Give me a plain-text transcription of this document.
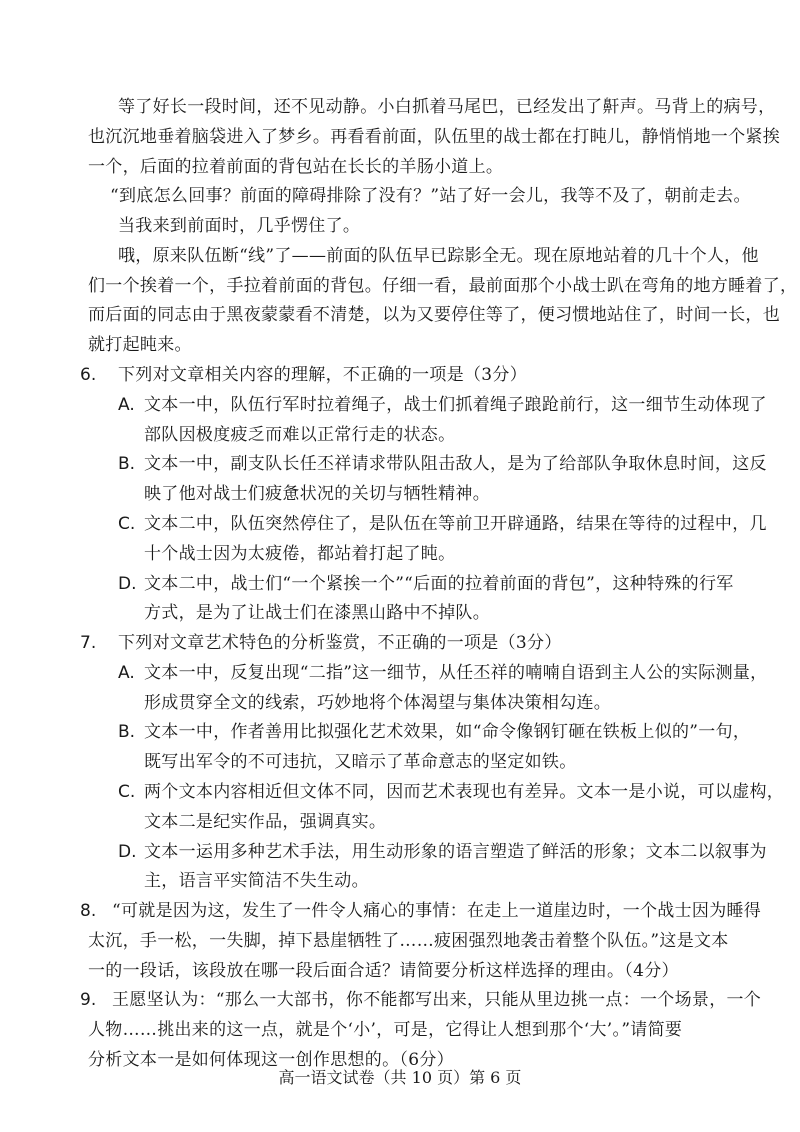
等了好长一段时间，还不见动静。小白抓着马尾巴，已经发出了鼾声。马背上的病号，
也沉沉地垂着脑袋进入了梦乡。再看看前面，队伍里的战士都在打盹儿，静悄悄地一个紧挨
一个，后面的拉着前面的背包站在长长的羊肠小道上。
“到底怎么回事？前面的障碍排除了没有？”站了好一会儿，我等不及了，朝前走去。
当我来到前面时，几乎愣住了。
哦，原来队伍断“线”了——前面的队伍早已踪影全无。现在原地站着的几十个人，他
们一个挨着一个，手拉着前面的背包。仔细一看，最前面那个小战士趴在弯角的地方睡着了，
而后面的同志由于黑夜蒙蒙看不清楚，以为又要停住等了，便习惯地站住了，时间一长，也
就打起盹来。
6. 下列对文章相关内容的理解，不正确的一项是（3分）
A. 文本一中，队伍行军时拉着绳子，战士们抓着绳子踉跄前行，这一细节生动体现了
部队因极度疲乏而难以正常行走的状态。
B. 文本一中，副支队长任丕祥请求带队阻击敌人，是为了给部队争取休息时间，这反
映了他对战士们疲惫状况的关切与牺牲精神。
C. 文本二中，队伍突然停住了，是队伍在等前卫开辟通路，结果在等待的过程中，几
十个战士因为太疲倦，都站着打起了盹。
D. 文本二中，战士们“一个紧挨一个”“后面的拉着前面的背包”，这种特殊的行军
方式，是为了让战士们在漆黑山路中不掉队。
7. 下列对文章艺术特色的分析鉴赏，不正确的一项是（3分）
A. 文本一中，反复出现“二指”这一细节，从任丕祥的喃喃自语到主人公的实际测量，
形成贯穿全文的线索，巧妙地将个体渴望与集体决策相勾连。
B. 文本一中，作者善用比拟强化艺术效果，如“命令像钢钉砸在铁板上似的”一句，
既写出军令的不可违抗，又暗示了革命意志的坚定如铁。
C. 两个文本内容相近但文体不同，因而艺术表现也有差异。文本一是小说，可以虚构，
文本二是纪实作品，强调真实。
D. 文本一运用多种艺术手法，用生动形象的语言塑造了鲜活的形象；文本二以叙事为
主，语言平实简洁不失生动。
8. “可就是因为这，发生了一件令人痛心的事情：在走上一道崖边时，一个战士因为睡得
太沉，手一松，一失脚，掉下悬崖牺牲了……疲困强烈地袭击着整个队伍。”这是文本
一的一段话，该段放在哪一段后面合适？请简要分析这样选择的理由。（4分）
9. 王愿坚认为：“那么一大部书，你不能都写出来，只能从里边挑一点：一个场景，一个
人物……挑出来的这一点，就是个‘小’，可是，它得让人想到那个‘大’。”请简要
分析文本一是如何体现这一创作思想的。（6分）
高一语文试卷（共 10 页）第 6 页
